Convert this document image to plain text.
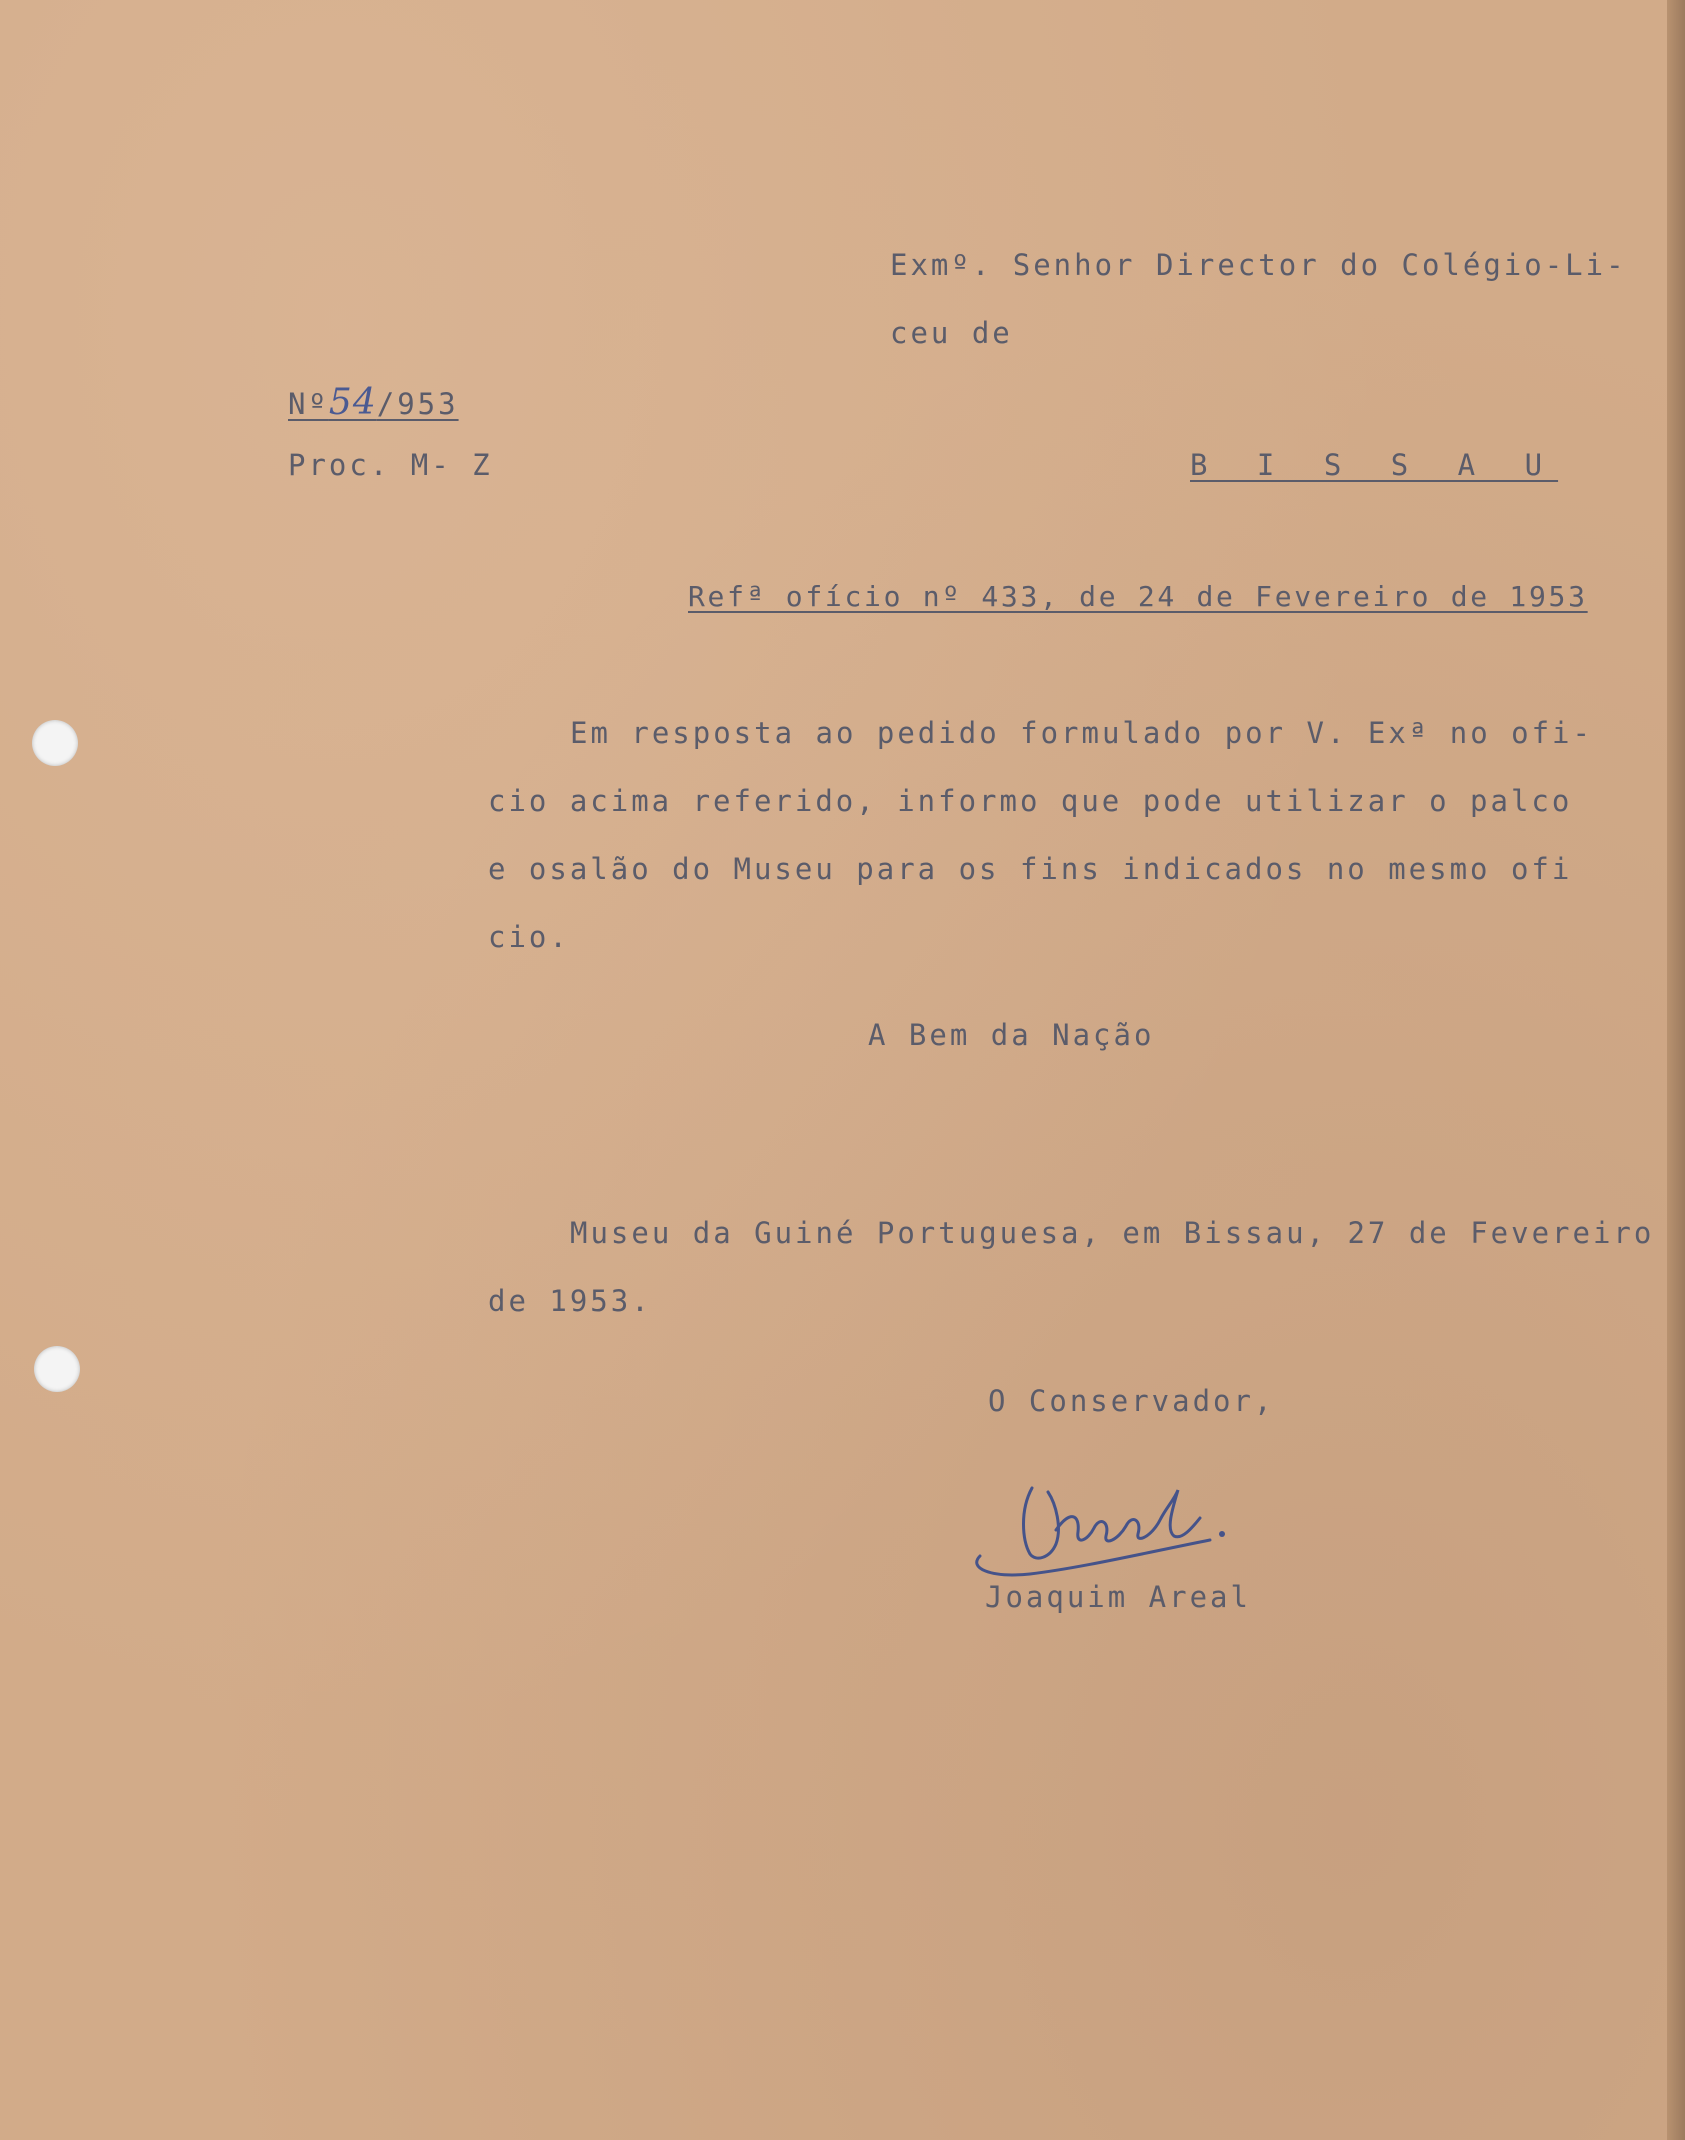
Exmº. Senhor Director do Colégio-Li-
ceu de
Nº54/953
Proc. M- Z	B I S S A U
Refª ofício nº 433, de 24 de Fevereiro de 1953
Em resposta ao pedido formulado por V. Exª no ofi-
cio acima referido, informo que pode utilizar o palco
e osalão do Museu para os fins indicados no mesmo ofi
cio.
A Bem da Nação
Museu da Guiné Portuguesa, em Bissau, 27 de Fevereiro
de 1953.
O Conservador,
Joaquim Areal
